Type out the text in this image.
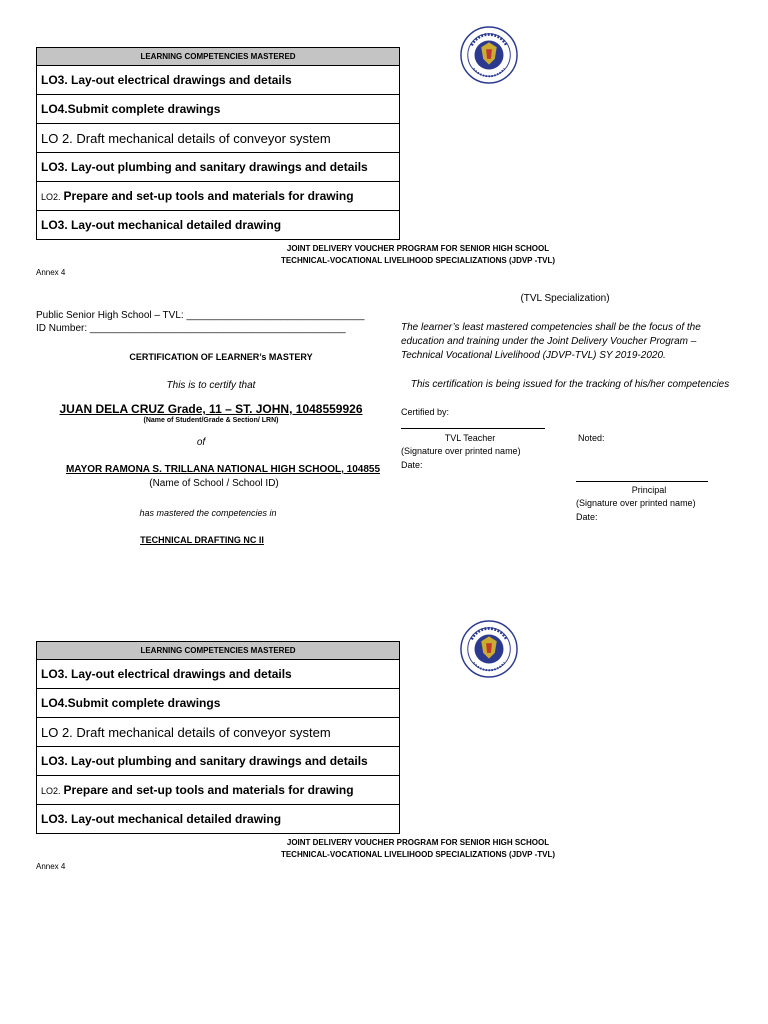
LEARNING COMPETENCIES MASTERED
LO3. Lay-out electrical drawings and details
LO4.Submit complete drawings
LO 2. Draft mechanical details of conveyor system
LO3. Lay-out plumbing and sanitary drawings and details
LO2. Prepare and set-up tools and materials for drawing
LO3. Lay-out mechanical detailed drawing
JOINT DELIVERY VOUCHER PROGRAM FOR SENIOR HIGH SCHOOL
TECHNICAL-VOCATIONAL LIVELIHOOD SPECIALIZATIONS (JDVP -TVL)
Annex 4
Public Senior High School – TVL: ________________________________
ID Number: ______________________________________________
CERTIFICATION OF LEARNER’s MASTERY
This is to certify that
JUAN DELA CRUZ Grade, 11 – ST. JOHN, 1048559926
(Name of Student/Grade & Section/ LRN)
of
MAYOR RAMONA S. TRILLANA NATIONAL HIGH SCHOOL, 104855
(Name of School / School ID)
has mastered the competencies in
TECHNICAL DRAFTING NC II
(TVL Specialization)
The learner’s least mastered competencies shall be the focus of the education and training under the Joint Delivery Voucher Program – Technical Vocational Livelihood (JDVP-TVL) SY 2019-2020.
This certification is being issued for the tracking of his/her competencies
Certified by:
TVL Teacher
(Signature over printed name)
Date:
Noted:
Principal
(Signature over printed name)
Date:
LEARNING COMPETENCIES MASTERED
LO3. Lay-out electrical drawings and details
LO4.Submit complete drawings
LO 2. Draft mechanical details of conveyor system
LO3. Lay-out plumbing and sanitary drawings and details
LO2. Prepare and set-up tools and materials for drawing
LO3. Lay-out mechanical detailed drawing
JOINT DELIVERY VOUCHER PROGRAM FOR SENIOR HIGH SCHOOL
TECHNICAL-VOCATIONAL LIVELIHOOD SPECIALIZATIONS (JDVP -TVL)
Annex 4
